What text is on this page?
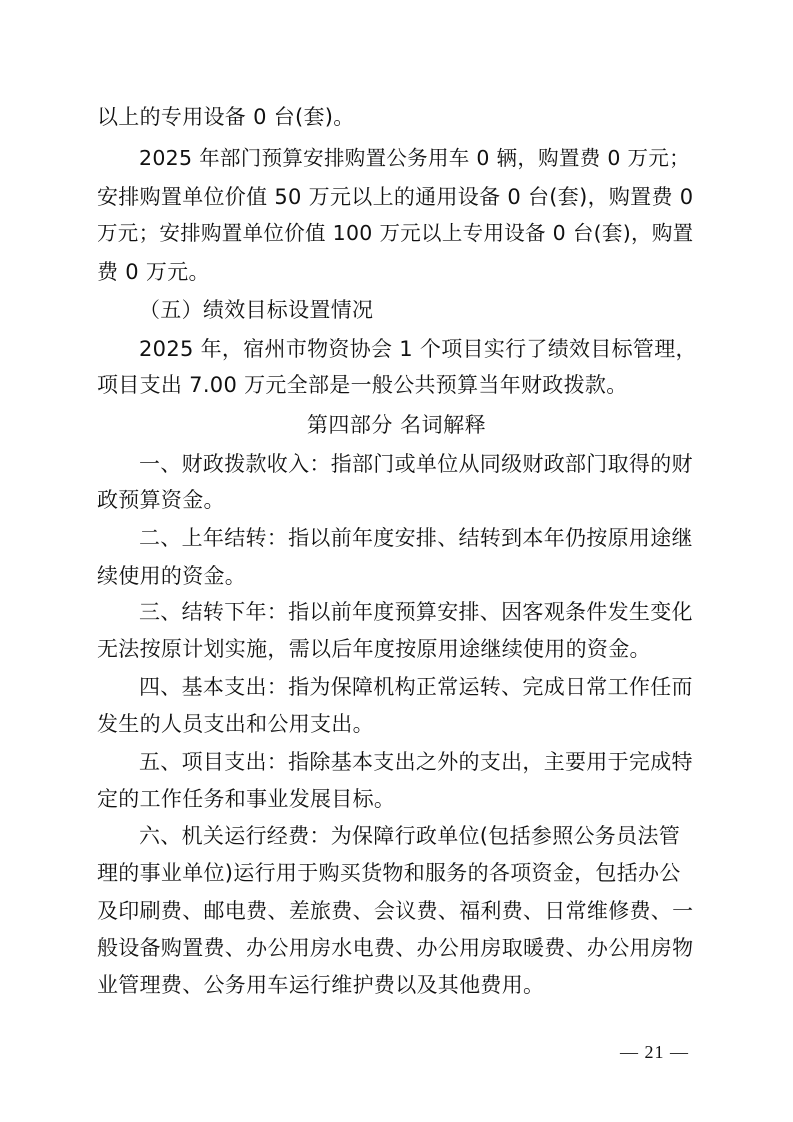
以上的专用设备 0 台(套)。
2025 年部门预算安排购置公务用车 0 辆，购置费 0 万元；
安排购置单位价值 50 万元以上的通用设备 0 台(套)，购置费 0
万元；安排购置单位价值 100 万元以上专用设备 0 台(套)，购置
费 0 万元。
（五）绩效目标设置情况
2025 年，宿州市物资协会 1 个项目实行了绩效目标管理，
项目支出 7.00 万元全部是一般公共预算当年财政拨款。
第四部分 名词解释
一、财政拨款收入：指部门或单位从同级财政部门取得的财
政预算资金。
二、上年结转：指以前年度安排、结转到本年仍按原用途继
续使用的资金。
三、结转下年：指以前年度预算安排、因客观条件发生变化
无法按原计划实施，需以后年度按原用途继续使用的资金。
四、基本支出：指为保障机构正常运转、完成日常工作任而
发生的人员支出和公用支出。
五、项目支出：指除基本支出之外的支出，主要用于完成特
定的工作任务和事业发展目标。
六、机关运行经费：为保障行政单位(包括参照公务员法管
理的事业单位)运行用于购买货物和服务的各项资金，包括办公
及印刷费、邮电费、差旅费、会议费、福利费、日常维修费、一
般设备购置费、办公用房水电费、办公用房取暖费、办公用房物
业管理费、公务用车运行维护费以及其他费用。
— 21 —
